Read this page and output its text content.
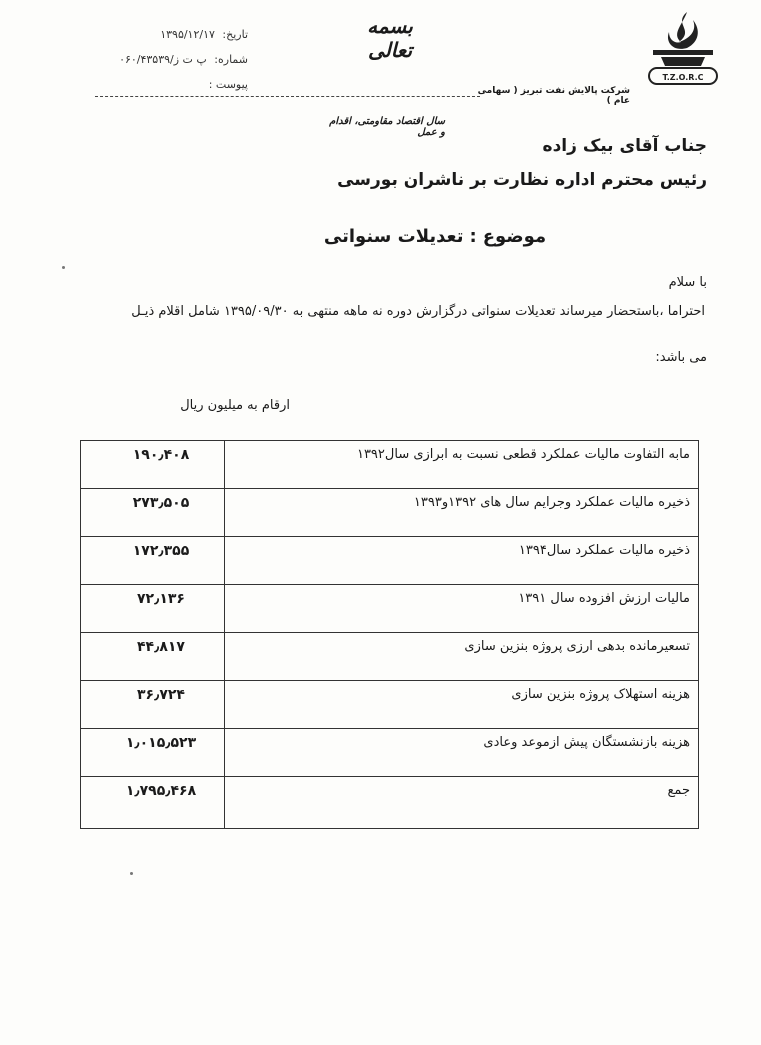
بسمه تعالی
تاریخ: ۱۳۹۵/۱۲/۱۷
شماره: پ ت ز/۰۶۰/۴۳۵۳۹
پیوست :
T.Z.O.R.C
شرکت پالایش نفت تبریز ( سهامی عام )
سال اقتصاد مقاومتی، اقدام و عمل
جناب آقای بیک زاده
رئیس محترم اداره نظارت بر ناشران بورسی
موضوع:تعدیلات سنواتی
با سلام
احتراما ،باستحضار میرساند تعدیلات سنواتی درگزارش دوره نه ماهه منتهی به ۱۳۹۵/۰۹/۳۰ شامل اقلام ذیـل
می باشد:
ارقام به میلیون ریال
مابه التفاوت مالیات عملکرد قطعی نسبت به ابرازی سال۱۳۹۲
۱۹۰٫۴۰۸
ذخیره مالیات عملکرد وجرایم سال های ۱۳۹۲و۱۳۹۳
۲۷۳٫۵۰۵
ذخیره مالیات عملکرد سال۱۳۹۴
۱۷۲٫۳۵۵
مالیات ارزش افزوده سال ۱۳۹۱
۷۲٫۱۳۶
تسعیرمانده بدهی ارزی پروژه بنزین سازی
۴۴٫۸۱۷
هزینه استهلاک پروژه بنزین سازی
۳۶٫۷۲۴
هزینه بازنشستگان پیش ازموعد وعادی
۱٫۰۱۵٫۵۲۳
جمع
۱٫۷۹۵٫۴۶۸
